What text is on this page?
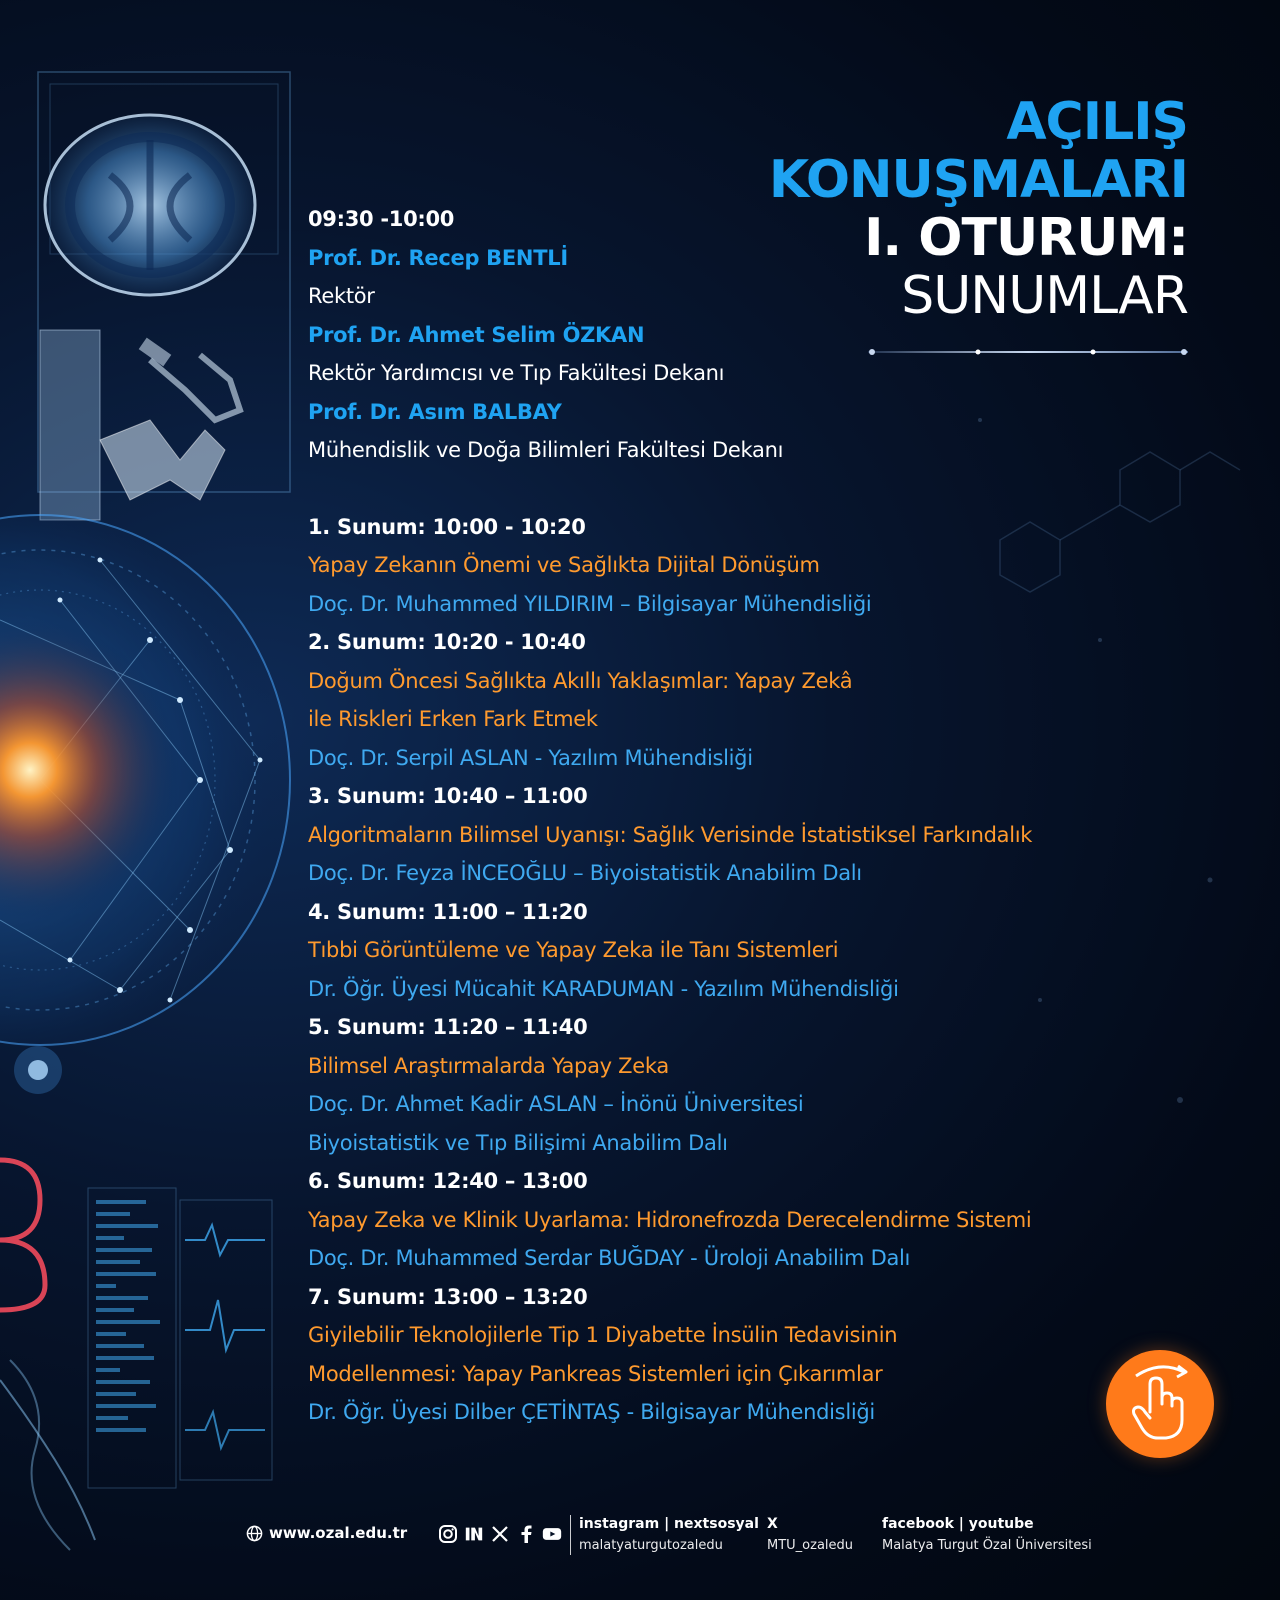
AÇILIŞ
KONUŞMALARI
I. OTURUM:
SUNUMLAR
09:30 -10:00
Prof. Dr. Recep BENTLİ
Rektör
Prof. Dr. Ahmet Selim ÖZKAN
Rektör Yardımcısı ve Tıp Fakültesi Dekanı
Prof. Dr. Asım BALBAY
Mühendislik ve Doğa Bilimleri Fakültesi Dekanı
1. Sunum: 10:00 - 10:20
Yapay Zekanın Önemi ve Sağlıkta Dijital Dönüşüm
Doç. Dr. Muhammed YILDIRIM – Bilgisayar Mühendisliği
2. Sunum: 10:20 - 10:40
Doğum Öncesi Sağlıkta Akıllı Yaklaşımlar: Yapay Zekâ
ile Riskleri Erken Fark Etmek
Doç. Dr. Serpil ASLAN - Yazılım Mühendisliği
3. Sunum: 10:40 – 11:00
Algoritmaların Bilimsel Uyanışı: Sağlık Verisinde İstatistiksel Farkındalık
Doç. Dr. Feyza İNCEOĞLU – Biyoistatistik Anabilim Dalı
4. Sunum: 11:00 – 11:20
Tıbbi Görüntüleme ve Yapay Zeka ile Tanı Sistemleri
Dr. Öğr. Üyesi Mücahit KARADUMAN - Yazılım Mühendisliği
5. Sunum: 11:20 – 11:40
Bilimsel Araştırmalarda Yapay Zeka
Doç. Dr. Ahmet Kadir ASLAN – İnönü Üniversitesi
Biyoistatistik ve Tıp Bilişimi Anabilim Dalı
6. Sunum: 12:40 – 13:00
Yapay Zeka ve Klinik Uyarlama: Hidronefrozda Derecelendirme Sistemi
Doç. Dr. Muhammed Serdar BUĞDAY - Üroloji Anabilim Dalı
7. Sunum: 13:00 – 13:20
Giyilebilir Teknolojilerle Tip 1 Diyabette İnsülin Tedavisinin
Modellenmesi: Yapay Pankreas Sistemleri için Çıkarımlar
Dr. Öğr. Üyesi Dilber ÇETİNTAŞ - Bilgisayar Mühendisliği
www.ozal.edu.tr	instagram | nextsosyal
malatyaturgutozaledu
X
MTU_ozaledu
facebook | youtube
Malatya Turgut Özal Üniversitesi
